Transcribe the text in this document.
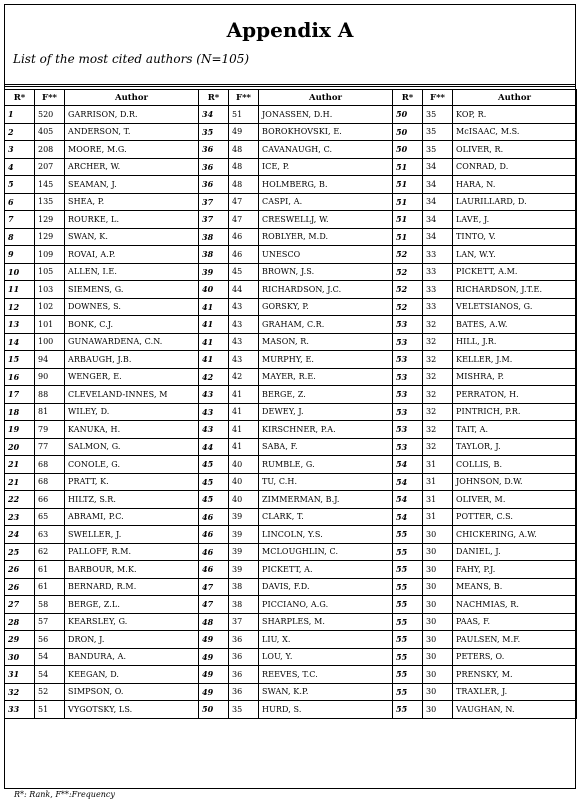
Appendix A
List of the most cited authors (N=105)
R*	F**	Author	R*	F**	Author	R*	F**	Author
1	520	GARRISON, D.R.	34	51	JONASSEN, D.H.	50	35	KOP, R.
2	405	ANDERSON, T.	35	49	BOROKHOVSKI, E.	50	35	McISAAC, M.S.
3	208	MOORE, M.G.	36	48	CAVANAUGH, C.	50	35	OLIVER, R.
4	207	ARCHER, W.	36	48	ICE, P.	51	34	CONRAD, D.
5	145	SEAMAN, J.	36	48	HOLMBERG, B.	51	34	HARA, N.
6	135	SHEA, P.	37	47	CASPI, A.	51	34	LAURILLARD, D.
7	129	ROURKE, L.	37	47	CRESWELLJ, W.	51	34	LAVE, J.
8	129	SWAN, K.	38	46	ROBLYER, M.D.	51	34	TINTO, V.
9	109	ROVAI, A.P.	38	46	UNESCO	52	33	LAN, W.Y.
10	105	ALLEN, I.E.	39	45	BROWN, J.S.	52	33	PICKETT, A.M.
11	103	SIEMENS, G.	40	44	RICHARDSON, J.C.	52	33	RICHARDSON, J.T.E.
12	102	DOWNES, S.	41	43	GORSKY, P.	52	33	VELETSIANOS, G.
13	101	BONK, C.J.	41	43	GRAHAM, C.R.	53	32	BATES, A.W.
14	100	GUNAWARDENA, C.N.	41	43	MASON, R.	53	32	HILL, J.R.
15	94	ARBAUGH, J.B.	41	43	MURPHY, E.	53	32	KELLER, J.M.
16	90	WENGER, E.	42	42	MAYER, R.E.	53	32	MISHRA, P.
17	88	CLEVELAND-INNES, M	43	41	BERGE, Z.	53	32	PERRATON, H.
18	81	WILEY, D.	43	41	DEWEY, J.	53	32	PINTRICH, P.R.
19	79	KANUKA, H.	43	41	KIRSCHNER, P.A.	53	32	TAIT, A.
20	77	SALMON, G.	44	41	SABA, F.	53	32	TAYLOR, J.
21	68	CONOLE, G.	45	40	RUMBLE, G.	54	31	COLLIS, B.
21	68	PRATT, K.	45	40	TU, C.H.	54	31	JOHNSON, D.W.
22	66	HILTZ, S.R.	45	40	ZIMMERMAN, B.J.	54	31	OLIVER, M.
23	65	ABRAMI, P.C.	46	39	CLARK, T.	54	31	POTTER, C.S.
24	63	SWELLER, J.	46	39	LINCOLN, Y.S.	55	30	CHICKERING, A.W.
25	62	PALLOFF, R.M.	46	39	MCLOUGHLIN, C.	55	30	DANIEL, J.
26	61	BARBOUR, M.K.	46	39	PICKETT, A.	55	30	FAHY, P.J.
26	61	BERNARD, R.M.	47	38	DAVIS, F.D.	55	30	MEANS, B.
27	58	BERGE, Z.L.	47	38	PICCIANO, A.G.	55	30	NACHMIAS, R.
28	57	KEARSLEY, G.	48	37	SHARPLES, M.	55	30	PAAS, F.
29	56	DRON, J.	49	36	LIU, X.	55	30	PAULSEN, M.F.
30	54	BANDURA, A.	49	36	LOU, Y.	55	30	PETERS, O.
31	54	KEEGAN, D.	49	36	REEVES, T.C.	55	30	PRENSKY, M.
32	52	SIMPSON, O.	49	36	SWAN, K.P.	55	30	TRAXLER, J.
33	51	VYGOTSKY, LS.	50	35	HURD, S.	55	30	VAUGHAN, N.
R*: Rank, F**:Frequency
